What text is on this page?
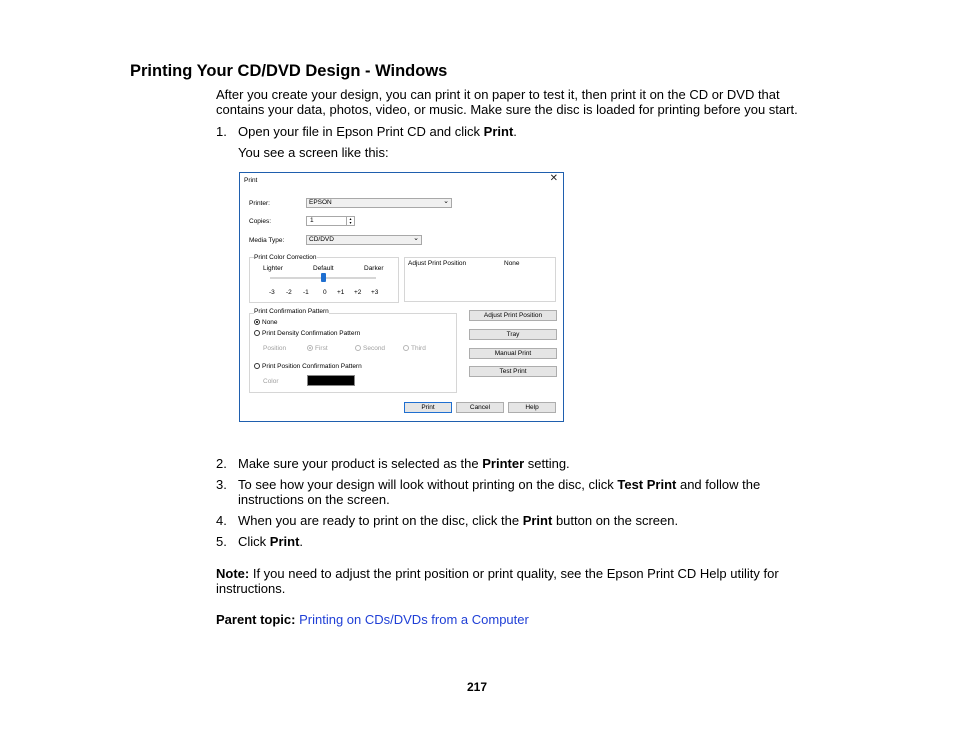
Printing Your CD/DVD Design - Windows
After you create your design, you can print it on paper to test it, then print it on the CD or DVD that contains your data, photos, video, or music. Make sure the disc is loaded for printing before you start.
1. Open your file in Epson Print CD and click Print.
You see a screen like this:
Print	✕
Printer:	EPSON	⌄
Copies:	1	▴
▾
Media Type:	CD/DVD	⌄
Print Color Correction
Lighter	Default	Darker
-3 -2 -1 0 +1 +2 +3
Adjust Print Position	None
Print Confirmation Pattern
None
Print Density Confirmation Pattern
Position	First	Second	Third
Print Position Confirmation Pattern
Color
Adjust Print Position
Tray
Manual Print
Test Print
Print	Cancel	Help
2. Make sure your product is selected as the Printer setting.
3. To see how your design will look without printing on the disc, click Test Print and follow the instructions on the screen.
4. When you are ready to print on the disc, click the Print button on the screen.
5. Click Print.
Note: If you need to adjust the print position or print quality, see the Epson Print CD Help utility for instructions.
Parent topic: Printing on CDs/DVDs from a Computer
217
